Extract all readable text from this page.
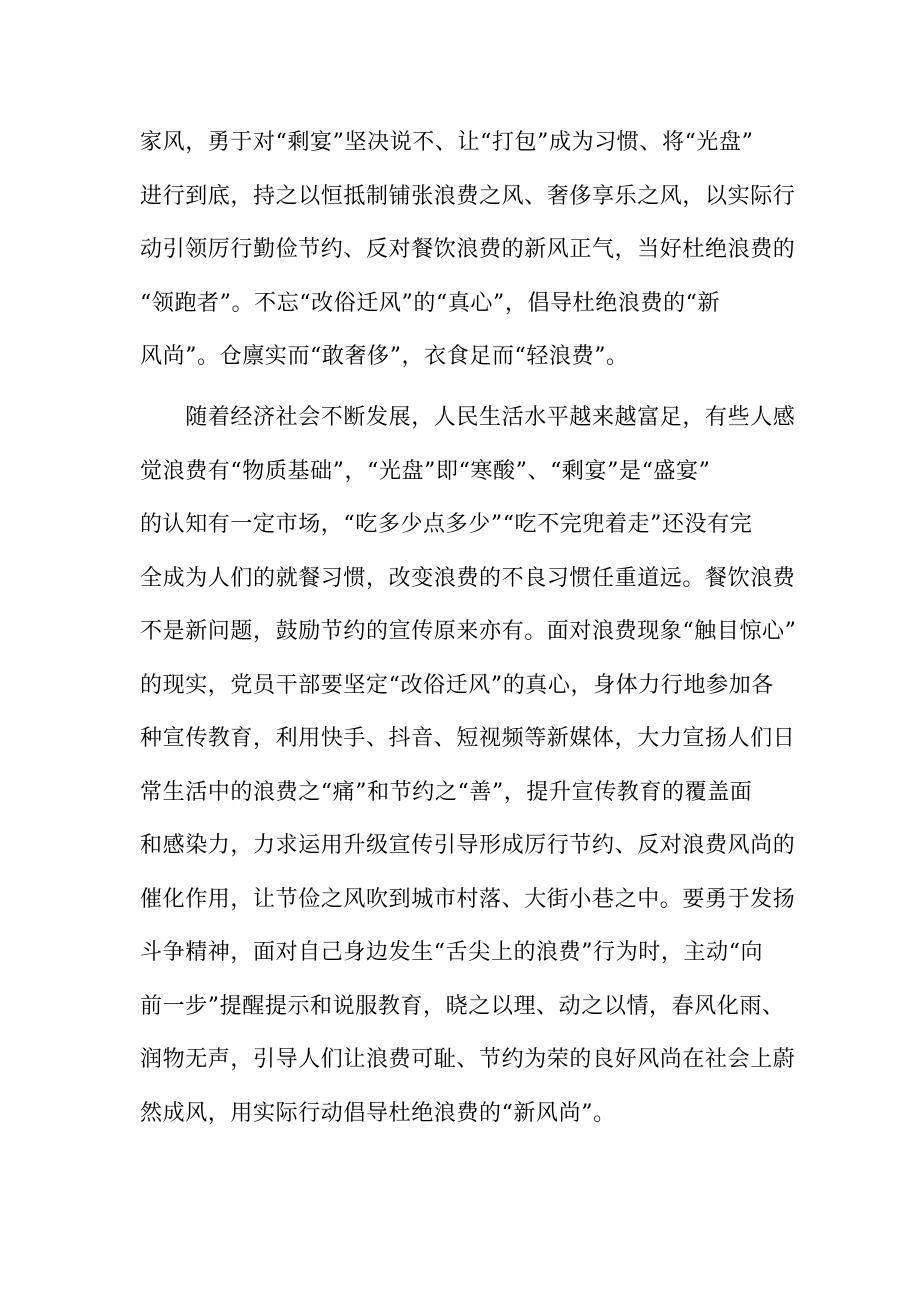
家风，勇于对“剩宴”坚决说不、让“打包”成为习惯、将“光盘”
进行到底，持之以恒抵制铺张浪费之风、奢侈享乐之风，以实际行
动引领厉行勤俭节约、反对餐饮浪费的新风正气，当好杜绝浪费的
“领跑者”。不忘“改俗迁风”的“真心”，倡导杜绝浪费的“新
风尚”。仓廪实而“敢奢侈”，衣食足而“轻浪费”。
　　随着经济社会不断发展，人民生活水平越来越富足，有些人感
觉浪费有“物质基础”，“光盘”即“寒酸”、“剩宴”是“盛宴”
的认知有一定市场，“吃多少点多少”“吃不完兜着走”还没有完
全成为人们的就餐习惯，改变浪费的不良习惯任重道远。餐饮浪费
不是新问题，鼓励节约的宣传原来亦有。面对浪费现象“触目惊心”
的现实，党员干部要坚定“改俗迁风”的真心，身体力行地参加各
种宣传教育，利用快手、抖音、短视频等新媒体，大力宣扬人们日
常生活中的浪费之“痛”和节约之“善”，提升宣传教育的覆盖面
和感染力，力求运用升级宣传引导形成厉行节约、反对浪费风尚的
催化作用，让节俭之风吹到城市村落、大街小巷之中。要勇于发扬
斗争精神，面对自己身边发生“舌尖上的浪费”行为时，主动“向
前一步”提醒提示和说服教育，晓之以理、动之以情，春风化雨、
润物无声，引导人们让浪费可耻、节约为荣的良好风尚在社会上蔚
然成风，用实际行动倡导杜绝浪费的“新风尚”。
